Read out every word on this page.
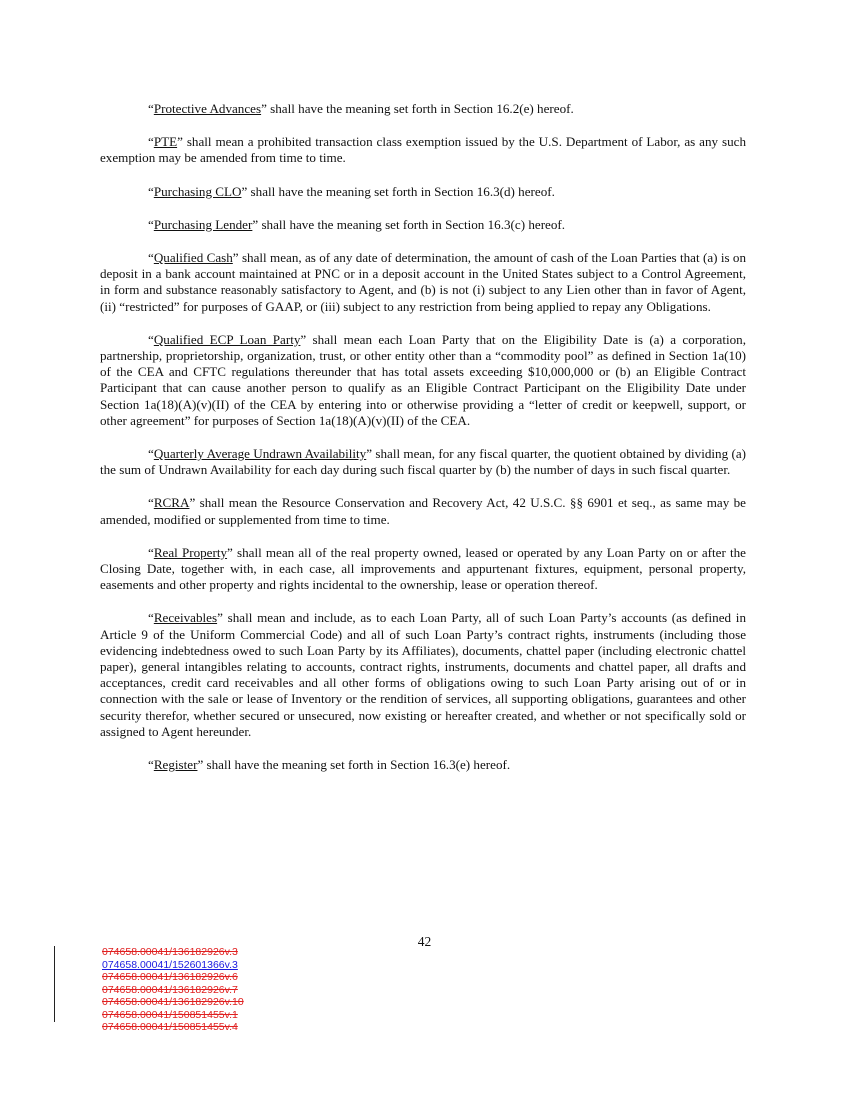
“Protective Advances” shall have the meaning set forth in Section 16.2(e) hereof.

“PTE” shall mean a prohibited transaction class exemption issued by the U.S. Department of Labor, as any such exemption may be amended from time to time.

“Purchasing CLO” shall have the meaning set forth in Section 16.3(d) hereof.

“Purchasing Lender” shall have the meaning set forth in Section 16.3(c) hereof.

“Qualified Cash” shall mean, as of any date of determination, the amount of cash of the Loan Parties that (a) is on deposit in a bank account maintained at PNC or in a deposit account in the United States subject to a Control Agreement, in form and substance reasonably satisfactory to Agent, and (b) is not (i) subject to any Lien other than in favor of Agent, (ii) “restricted” for purposes of GAAP, or (iii) subject to any restriction from being applied to repay any Obligations.

“Qualified ECP Loan Party” shall mean each Loan Party that on the Eligibility Date is (a) a corporation, partnership, proprietorship, organization, trust, or other entity other than a “commodity pool” as defined in Section 1a(10) of the CEA and CFTC regulations thereunder that has total assets exceeding $10,000,000 or (b) an Eligible Contract Participant that can cause another person to qualify as an Eligible Contract Participant on the Eligibility Date under Section 1a(18)(A)(v)(II) of the CEA by entering into or otherwise providing a “letter of credit or keepwell, support, or other agreement” for purposes of Section 1a(18)(A)(v)(II) of the CEA.

“Quarterly Average Undrawn Availability” shall mean, for any fiscal quarter, the quotient obtained by dividing (a) the sum of Undrawn Availability for each day during such fiscal quarter by (b) the number of days in such fiscal quarter.

“RCRA” shall mean the Resource Conservation and Recovery Act, 42 U.S.C. §§ 6901 et seq., as same may be amended, modified or supplemented from time to time.

“Real Property” shall mean all of the real property owned, leased or operated by any Loan Party on or after the Closing Date, together with, in each case, all improvements and appurtenant fixtures, equipment, personal property, easements and other property and rights incidental to the ownership, lease or operation thereof.

“Receivables” shall mean and include, as to each Loan Party, all of such Loan Party’s accounts (as defined in Article 9 of the Uniform Commercial Code) and all of such Loan Party’s contract rights, instruments (including those evidencing indebtedness owed to such Loan Party by its Affiliates), documents, chattel paper (including electronic chattel paper), general intangibles relating to accounts, contract rights, instruments, documents and chattel paper, all drafts and acceptances, credit card receivables and all other forms of obligations owing to such Loan Party arising out of or in connection with the sale or lease of Inventory or the rendition of services, all supporting obligations, guarantees and other security therefor, whether secured or unsecured, now existing or hereafter created, and whether or not specifically sold or assigned to Agent hereunder.

“Register” shall have the meaning set forth in Section 16.3(e) hereof.

42
074658.00041/136182926v.3
074658.00041/152601366v.3
074658.00041/136182926v.6
074658.00041/136182926v.7
074658.00041/136182926v.10
074658.00041/150851455v.1
074658.00041/150851455v.4
